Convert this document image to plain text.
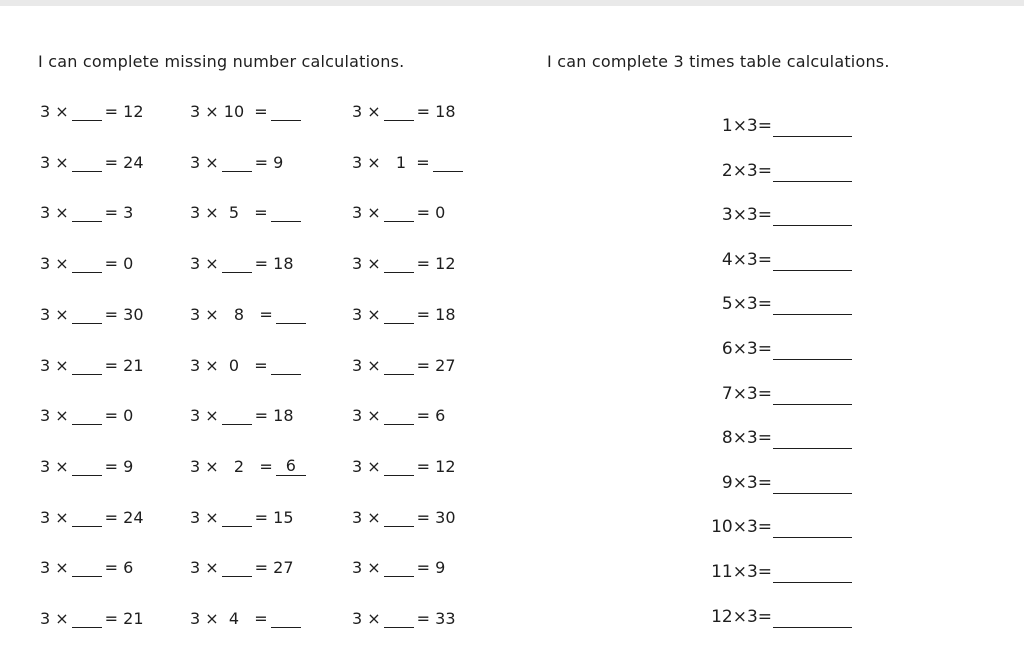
I can complete missing number calculations.	I can complete 3 times table calculations.
3 × = 12	3 × 10  =	3 × = 18
3 × = 24	3 × = 9	3 ×   1  =
3 × = 3	3 ×  5   =	3 × = 0
3 × = 0	3 × = 18	3 × = 12
3 × = 30	3 ×   8   =	3 × = 18
3 × = 21	3 ×  0   =	3 × = 27
3 × = 0	3 × = 18	3 × = 6
3 × = 9	3 ×   2   = 6	3 × = 12
3 × = 24	3 × = 15	3 × = 30
3 × = 6	3 × = 27	3 × = 9
3 × = 21	3 ×  4   =	3 × = 33
1×3=
2×3=
3×3=
4×3=
5×3=
6×3=
7×3=
8×3=
9×3=
10×3=
11×3=
12×3=
